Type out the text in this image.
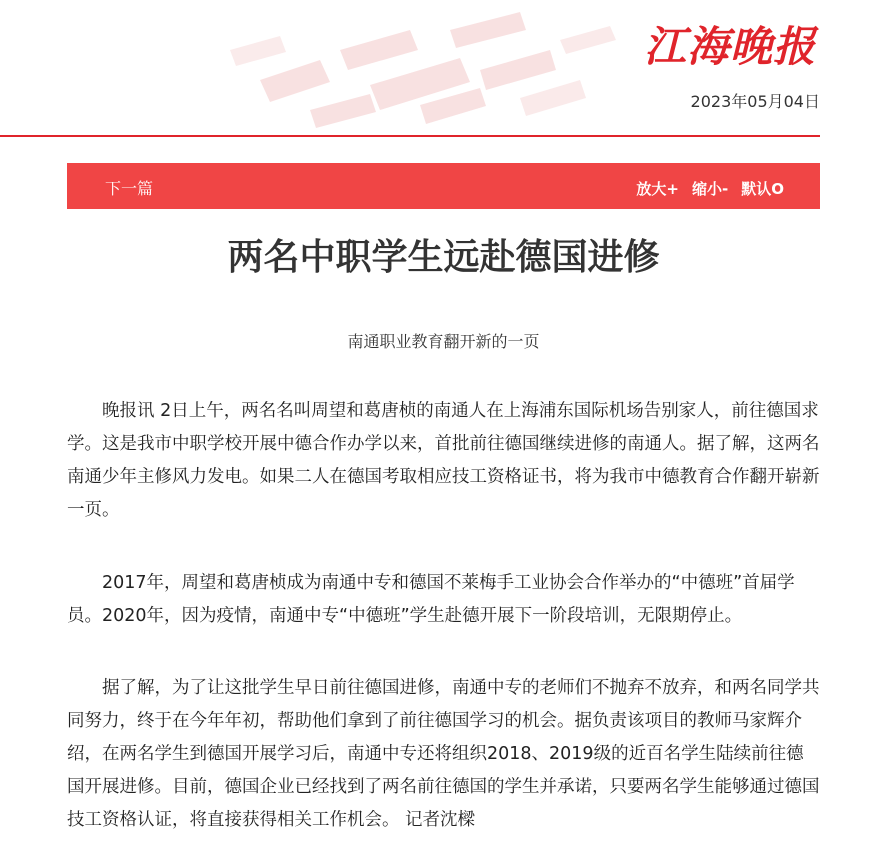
江海晚报
2023年05月04日
下一篇	放大+ 缩小- 默认O
两名中职学生远赴德国进修
南通职业教育翻开新的一页

晚报讯 2日上午，两名名叫周望和葛唐桢的南通人在上海浦东国际机场告别家人，前往德国求学。这是我市中职学校开展中德合作办学以来，首批前往德国继续进修的南通人。据了解，这两名南通少年主修风力发电。如果二人在德国考取相应技工资格证书，将为我市中德教育合作翻开崭新一页。

2017年，周望和葛唐桢成为南通中专和德国不莱梅手工业协会合作举办的“中德班”首届学员。2020年，因为疫情，南通中专“中德班”学生赴德开展下一阶段培训，无限期停止。

据了解，为了让这批学生早日前往德国进修，南通中专的老师们不抛弃不放弃，和两名同学共同努力，终于在今年年初，帮助他们拿到了前往德国学习的机会。据负责该项目的教师马家辉介绍，在两名学生到德国开展学习后，南通中专还将组织2018、2019级的近百名学生陆续前往德国开展进修。目前，德国企业已经找到了两名前往德国的学生并承诺，只要两名学生能够通过德国技工资格认证，将直接获得相关工作机会。 记者沈樑
